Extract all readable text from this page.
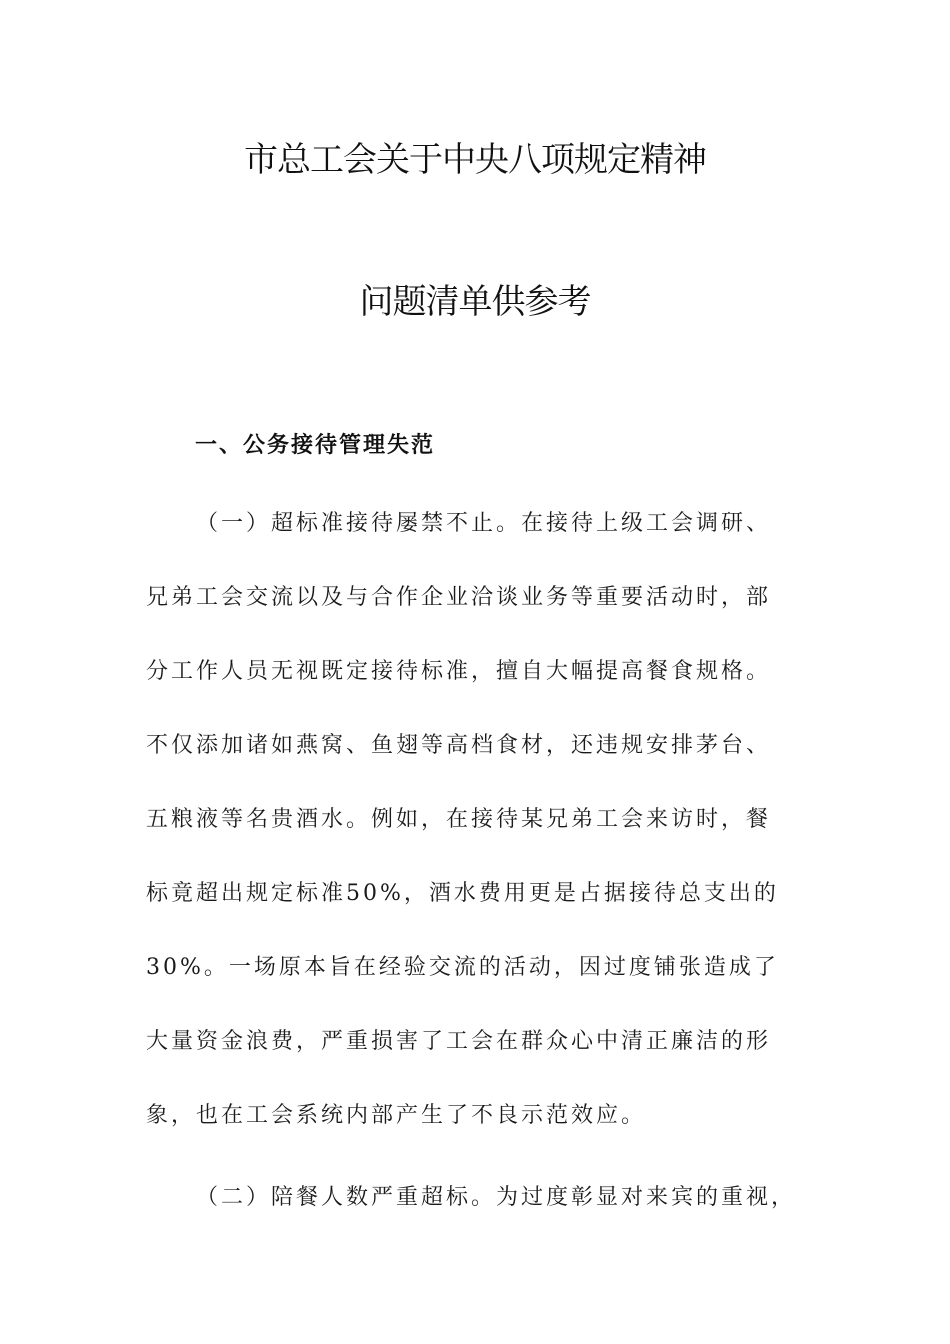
市总工会关于中央八项规定精神
问题清单供参考
一、公务接待管理失范

（一）超标准接待屡禁不止。在接待上级工会调研、

兄弟工会交流以及与合作企业洽谈业务等重要活动时，部

分工作人员无视既定接待标准，擅自大幅提高餐食规格。

不仅添加诸如燕窝、鱼翅等高档食材，还违规安排茅台、

五粮液等名贵酒水。例如，在接待某兄弟工会来访时，餐

标竟超出规定标准50%，酒水费用更是占据接待总支出的

30%。一场原本旨在经验交流的活动，因过度铺张造成了

大量资金浪费，严重损害了工会在群众心中清正廉洁的形

象，也在工会系统内部产生了不良示范效应。

（二）陪餐人数严重超标。为过度彰显对来宾的重视，
